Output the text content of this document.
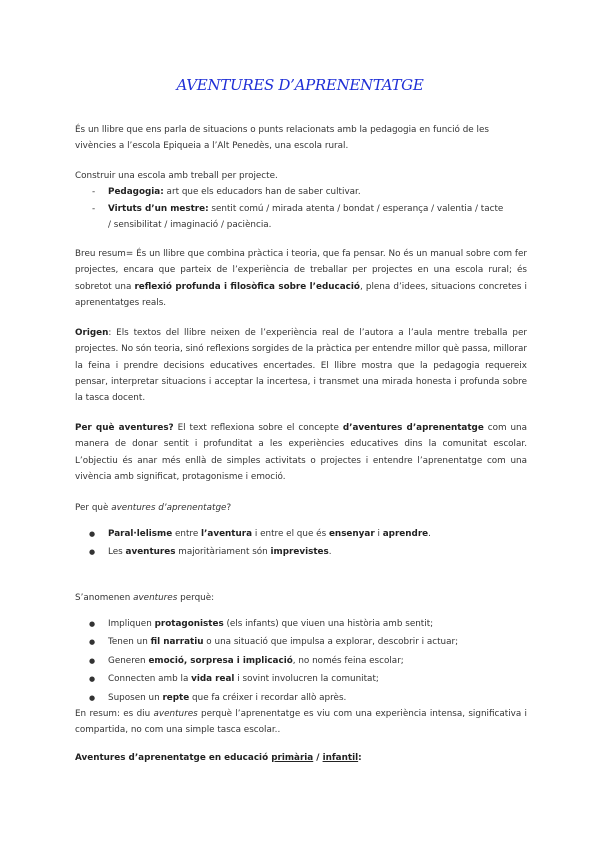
AVENTURES D’APRENENTATGE

És un llibre que ens parla de situacions o punts relacionats amb la pedagogia en funció de les

vivències a l’escola Epiqueia a l’Alt Penedès, una escola rural.

Construir una escola amb treball per projecte.

- Pedagogia: art que els educadors han de saber cultivar.
- Virtuts d’un mestre: sentit comú / mirada atenta / bondat / esperança / valentia / tacte
/ sensibilitat / imaginació / paciència.

Breu resum= És un llibre que combina pràctica i teoria, que fa pensar. No és un manual sobre com fer projectes, encara que parteix de l’experiència de treballar per projectes en una escola rural; és sobretot una reflexió profunda i filosòfica sobre l’educació, plena d’idees, situacions concretes i aprenentatges reals.

Origen: Els textos del llibre neixen de l’experiència real de l’autora a l’aula mentre treballa per projectes. No són teoria, sinó reflexions sorgides de la pràctica per entendre millor què passa, millorar la feina i prendre decisions educatives encertades. El llibre mostra que la pedagogia requereix pensar, interpretar situacions i acceptar la incertesa, i transmet una mirada honesta i profunda sobre la tasca docent.

Per què aventures? El text reflexiona sobre el concepte d’aventures d’aprenentatge com una manera de donar sentit i profunditat a les experiències educatives dins la comunitat escolar. L’objectiu és anar més enllà de simples activitats o projectes i entendre l’aprenentatge com una vivència amb significat, protagonisme i emoció.

Per què aventures d’aprenentatge?

● Paral·lelisme entre l’aventura i entre el que és ensenyar i aprendre.
● Les aventures majoritàriament són imprevistes.

S’anomenen aventures perquè:

● Impliquen protagonistes (els infants) que viuen una història amb sentit;
● Tenen un fil narratiu o una situació que impulsa a explorar, descobrir i actuar;
● Generen emoció, sorpresa i implicació, no només feina escolar;
● Connecten amb la vida real i sovint involucren la comunitat;
● Suposen un repte que fa créixer i recordar allò après.

En resum: es diu aventures perquè l’aprenentatge es viu com una experiència intensa, significativa i compartida, no com una simple tasca escolar..

Aventures d’aprenentatge en educació primària / infantil:
